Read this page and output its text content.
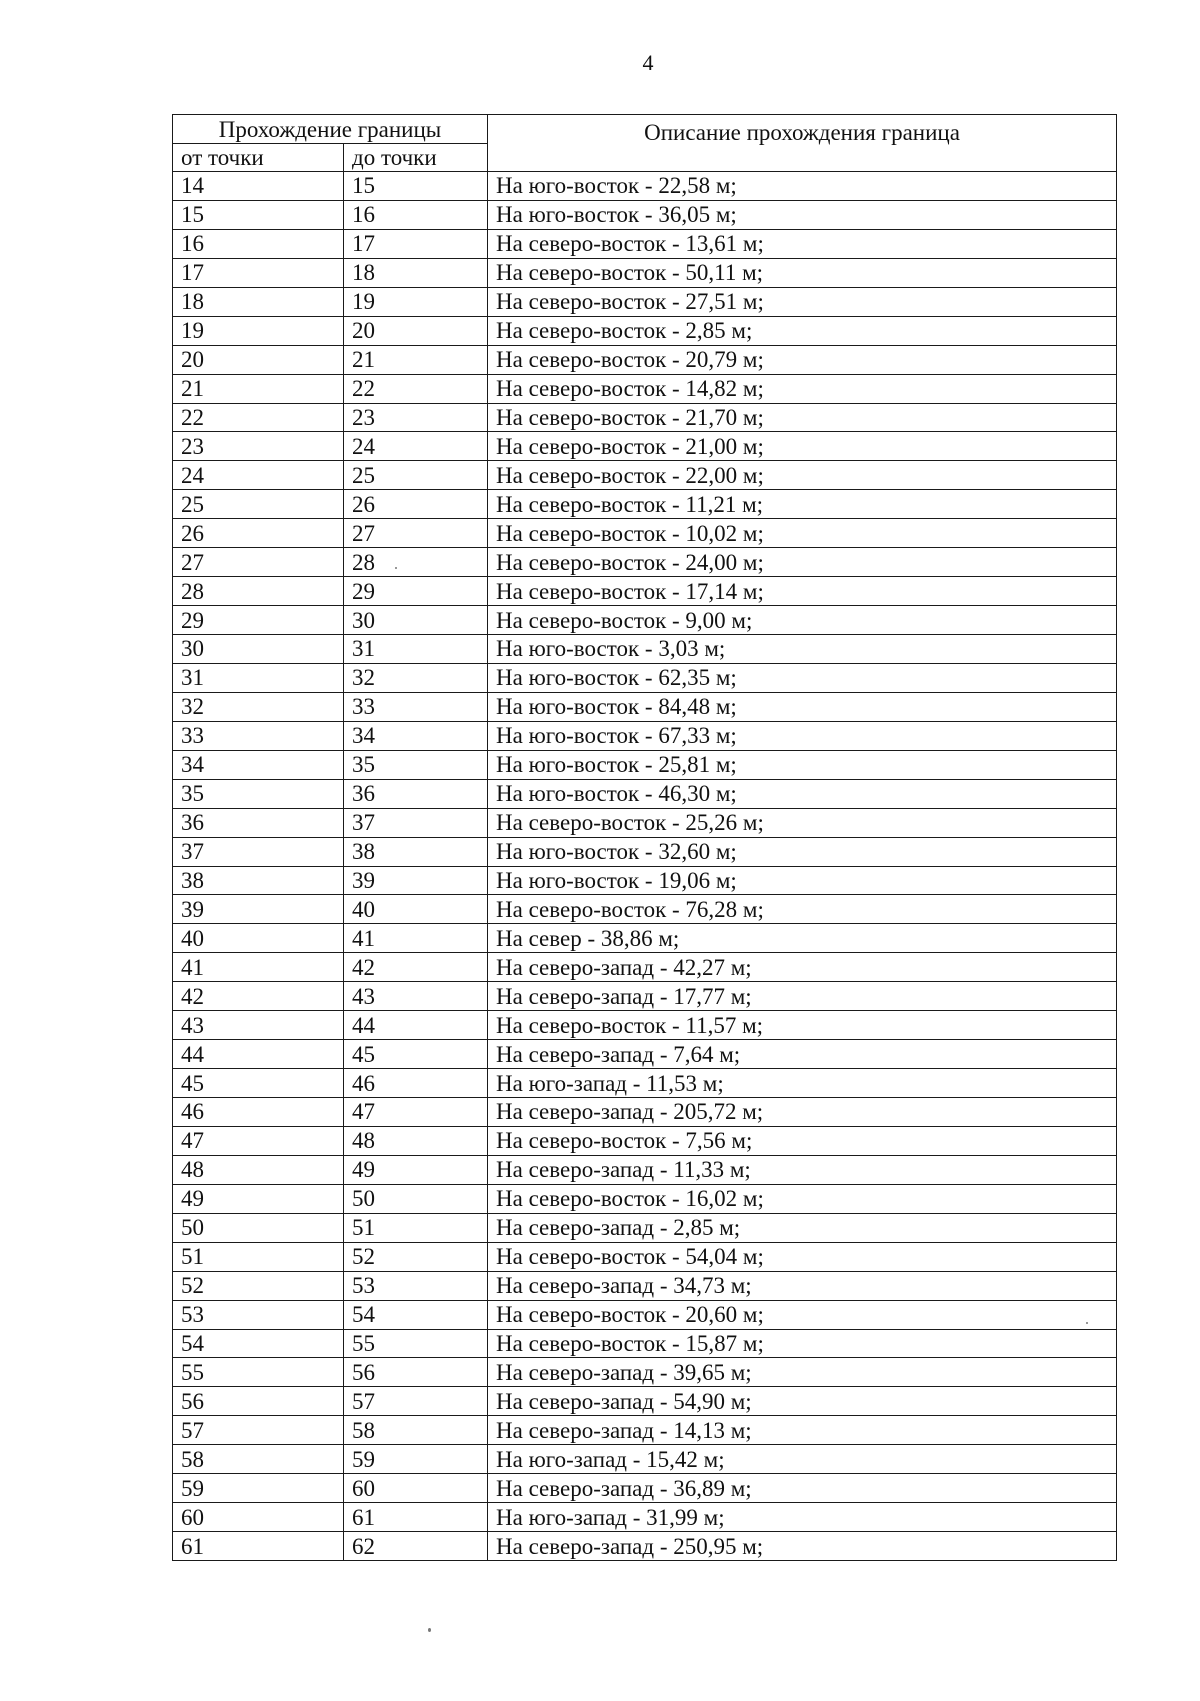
4
Прохождение границы		Описание прохождения граница
от точки	до точки	
14	15	На юго-восток - 22,58 м;
15	16	На юго-восток - 36,05 м;
16	17	На северо-восток - 13,61 м;
17	18	На северо-восток - 50,11 м;
18	19	На северо-восток - 27,51 м;
19	20	На северо-восток - 2,85 м;
20	21	На северо-восток - 20,79 м;
21	22	На северо-восток - 14,82 м;
22	23	На северо-восток - 21,70 м;
23	24	На северо-восток - 21,00 м;
24	25	На северо-восток - 22,00 м;
25	26	На северо-восток - 11,21 м;
26	27	На северо-восток - 10,02 м;
27	28	На северо-восток - 24,00 м;
28	29	На северо-восток - 17,14 м;
29	30	На северо-восток - 9,00 м;
30	31	На юго-восток - 3,03 м;
31	32	На юго-восток - 62,35 м;
32	33	На юго-восток - 84,48 м;
33	34	На юго-восток - 67,33 м;
34	35	На юго-восток - 25,81 м;
35	36	На юго-восток - 46,30 м;
36	37	На северо-восток - 25,26 м;
37	38	На юго-восток - 32,60 м;
38	39	На юго-восток - 19,06 м;
39	40	На северо-восток - 76,28 м;
40	41	На север - 38,86 м;
41	42	На северо-запад - 42,27 м;
42	43	На северо-запад - 17,77 м;
43	44	На северо-восток - 11,57 м;
44	45	На северо-запад - 7,64 м;
45	46	На юго-запад - 11,53 м;
46	47	На северо-запад - 205,72 м;
47	48	На северо-восток - 7,56 м;
48	49	На северо-запад - 11,33 м;
49	50	На северо-восток - 16,02 м;
50	51	На северо-запад - 2,85 м;
51	52	На северо-восток - 54,04 м;
52	53	На северо-запад - 34,73 м;
53	54	На северо-восток - 20,60 м;
54	55	На северо-восток - 15,87 м;
55	56	На северо-запад - 39,65 м;
56	57	На северо-запад - 54,90 м;
57	58	На северо-запад - 14,13 м;
58	59	На юго-запад - 15,42 м;
59	60	На северо-запад - 36,89 м;
60	61	На юго-запад - 31,99 м;
61	62	На северо-запад - 250,95 м;
